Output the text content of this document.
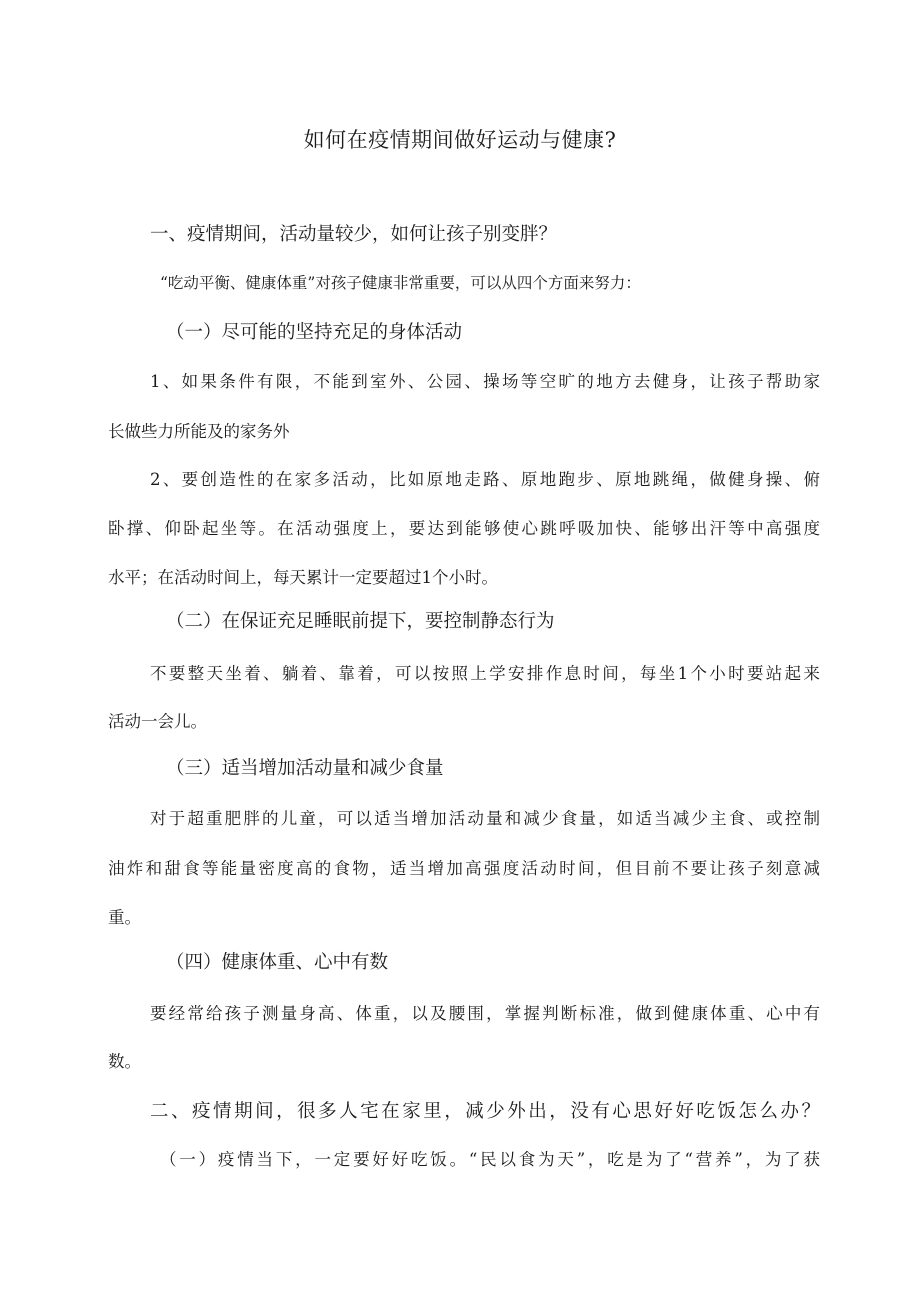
如何在疫情期间做好运动与健康?
一、疫情期间，活动量较少，如何让孩子别变胖？
“吃动平衡、健康体重”对孩子健康非常重要，可以从四个方面来努力：
（一）尽可能的坚持充足的身体活动
1、如果条件有限，不能到室外、公园、操场等空旷的地方去健身，让孩子帮助家
长做些力所能及的家务外
2、要创造性的在家多活动，比如原地走路、原地跑步、原地跳绳，做健身操、俯
卧撑、仰卧起坐等。在活动强度上，要达到能够使心跳呼吸加快、能够出汗等中高强度
水平；在活动时间上，每天累计一定要超过1个小时。
（二）在保证充足睡眠前提下，要控制静态行为
不要整天坐着、躺着、靠着，可以按照上学安排作息时间，每坐1个小时要站起来
活动一会儿。
（三）适当增加活动量和减少食量
对于超重肥胖的儿童，可以适当增加活动量和减少食量，如适当减少主食、或控制
油炸和甜食等能量密度高的食物，适当增加高强度活动时间，但目前不要让孩子刻意减
重。
（四）健康体重、心中有数
要经常给孩子测量身高、体重，以及腰围，掌握判断标准，做到健康体重、心中有
数。
二、疫情期间，很多人宅在家里，减少外出，没有心思好好吃饭怎么办？
（一）疫情当下，一定要好好吃饭。“民以食为天”，吃是为了“营养”，为了获
